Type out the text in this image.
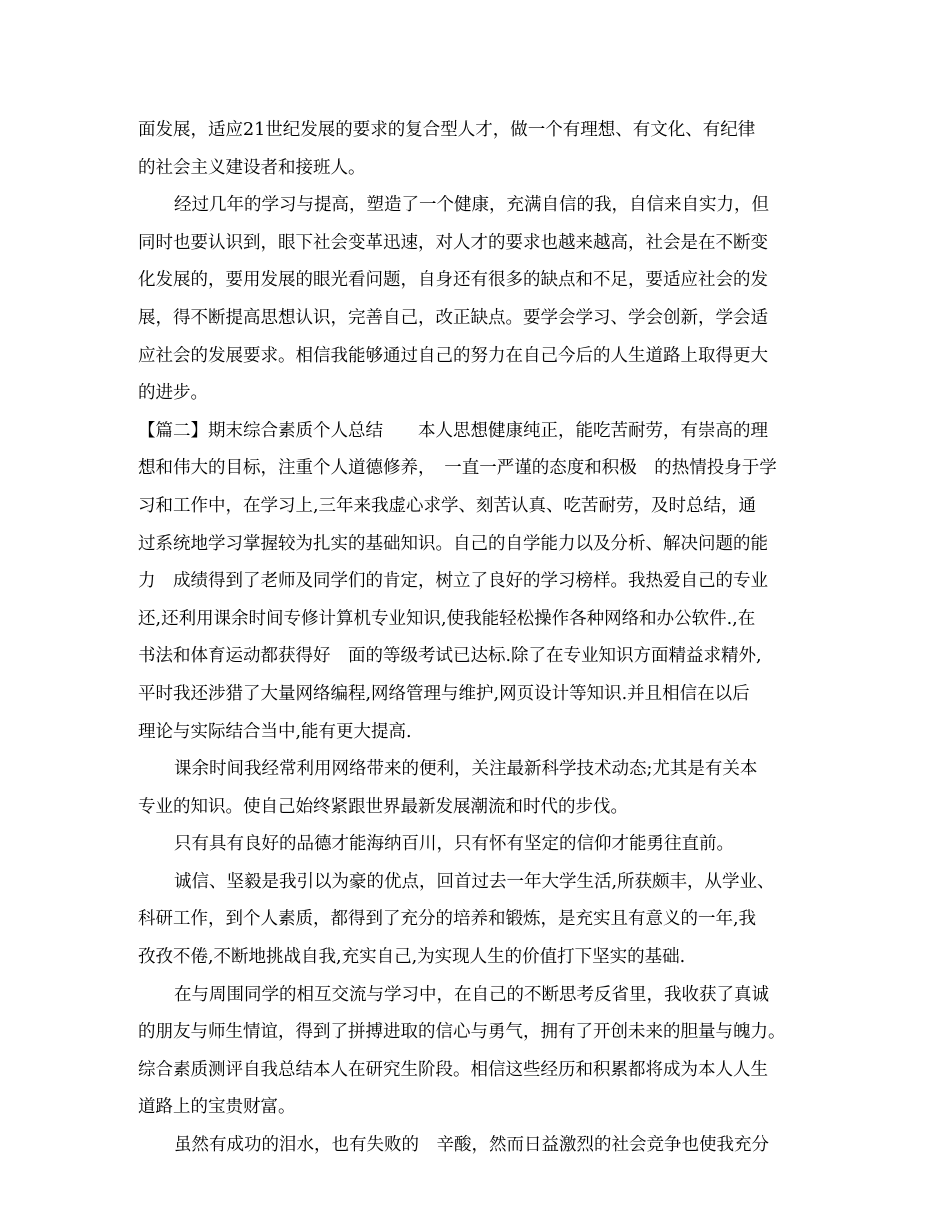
面发展，适应21世纪发展的要求的复合型人才，做一个有理想、有文化、有纪律
的社会主义建设者和接班人。
经过几年的学习与提高，塑造了一个健康，充满自信的我，自信来自实力，但
同时也要认识到，眼下社会变革迅速，对人才的要求也越来越高，社会是在不断变
化发展的，要用发展的眼光看问题，自身还有很多的缺点和不足，要适应社会的发
展，得不断提高思想认识，完善自己，改正缺点。要学会学习、学会创新，学会适
应社会的发展要求。相信我能够通过自己的努力在自己今后的人生道路上取得更大
的进步。
【篇二】期末综合素质个人总结　　本人思想健康纯正，能吃苦耐劳，有崇高的理
想和伟大的目标，注重个人道德修养，　一直一严谨的态度和积极　的热情投身于学
习和工作中，在学习上,三年来我虚心求学、刻苦认真、吃苦耐劳，及时总结，通
过系统地学习掌握较为扎实的基础知识。自己的自学能力以及分析、解决问题的能
力　成绩得到了老师及同学们的肯定，树立了良好的学习榜样。我热爱自己的专业
还,还利用课余时间专修计算机专业知识,使我能轻松操作各种网络和办公软件.,在
书法和体育运动都获得好　面的等级考试已达标.除了在专业知识方面精益求精外,
平时我还涉猎了大量网络编程,网络管理与维护,网页设计等知识.并且相信在以后
理论与实际结合当中,能有更大提高.
课余时间我经常利用网络带来的便利，关注最新科学技术动态;尤其是有关本
专业的知识。使自己始终紧跟世界最新发展潮流和时代的步伐。
只有具有良好的品德才能海纳百川，只有怀有坚定的信仰才能勇往直前。
诚信、坚毅是我引以为豪的优点，回首过去一年大学生活,所获颇丰，从学业、
科研工作，到个人素质，都得到了充分的培养和锻炼，是充实且有意义的一年,我
孜孜不倦,不断地挑战自我,充实自己,为实现人生的价值打下坚实的基础.
在与周围同学的相互交流与学习中，在自己的不断思考反省里，我收获了真诚
的朋友与师生情谊，得到了拼搏进取的信心与勇气，拥有了开创未来的胆量与魄力。
综合素质测评自我总结本人在研究生阶段。相信这些经历和积累都将成为本人人生
道路上的宝贵财富。
虽然有成功的泪水，也有失败的　辛酸，然而日益激烈的社会竞争也使我充分
